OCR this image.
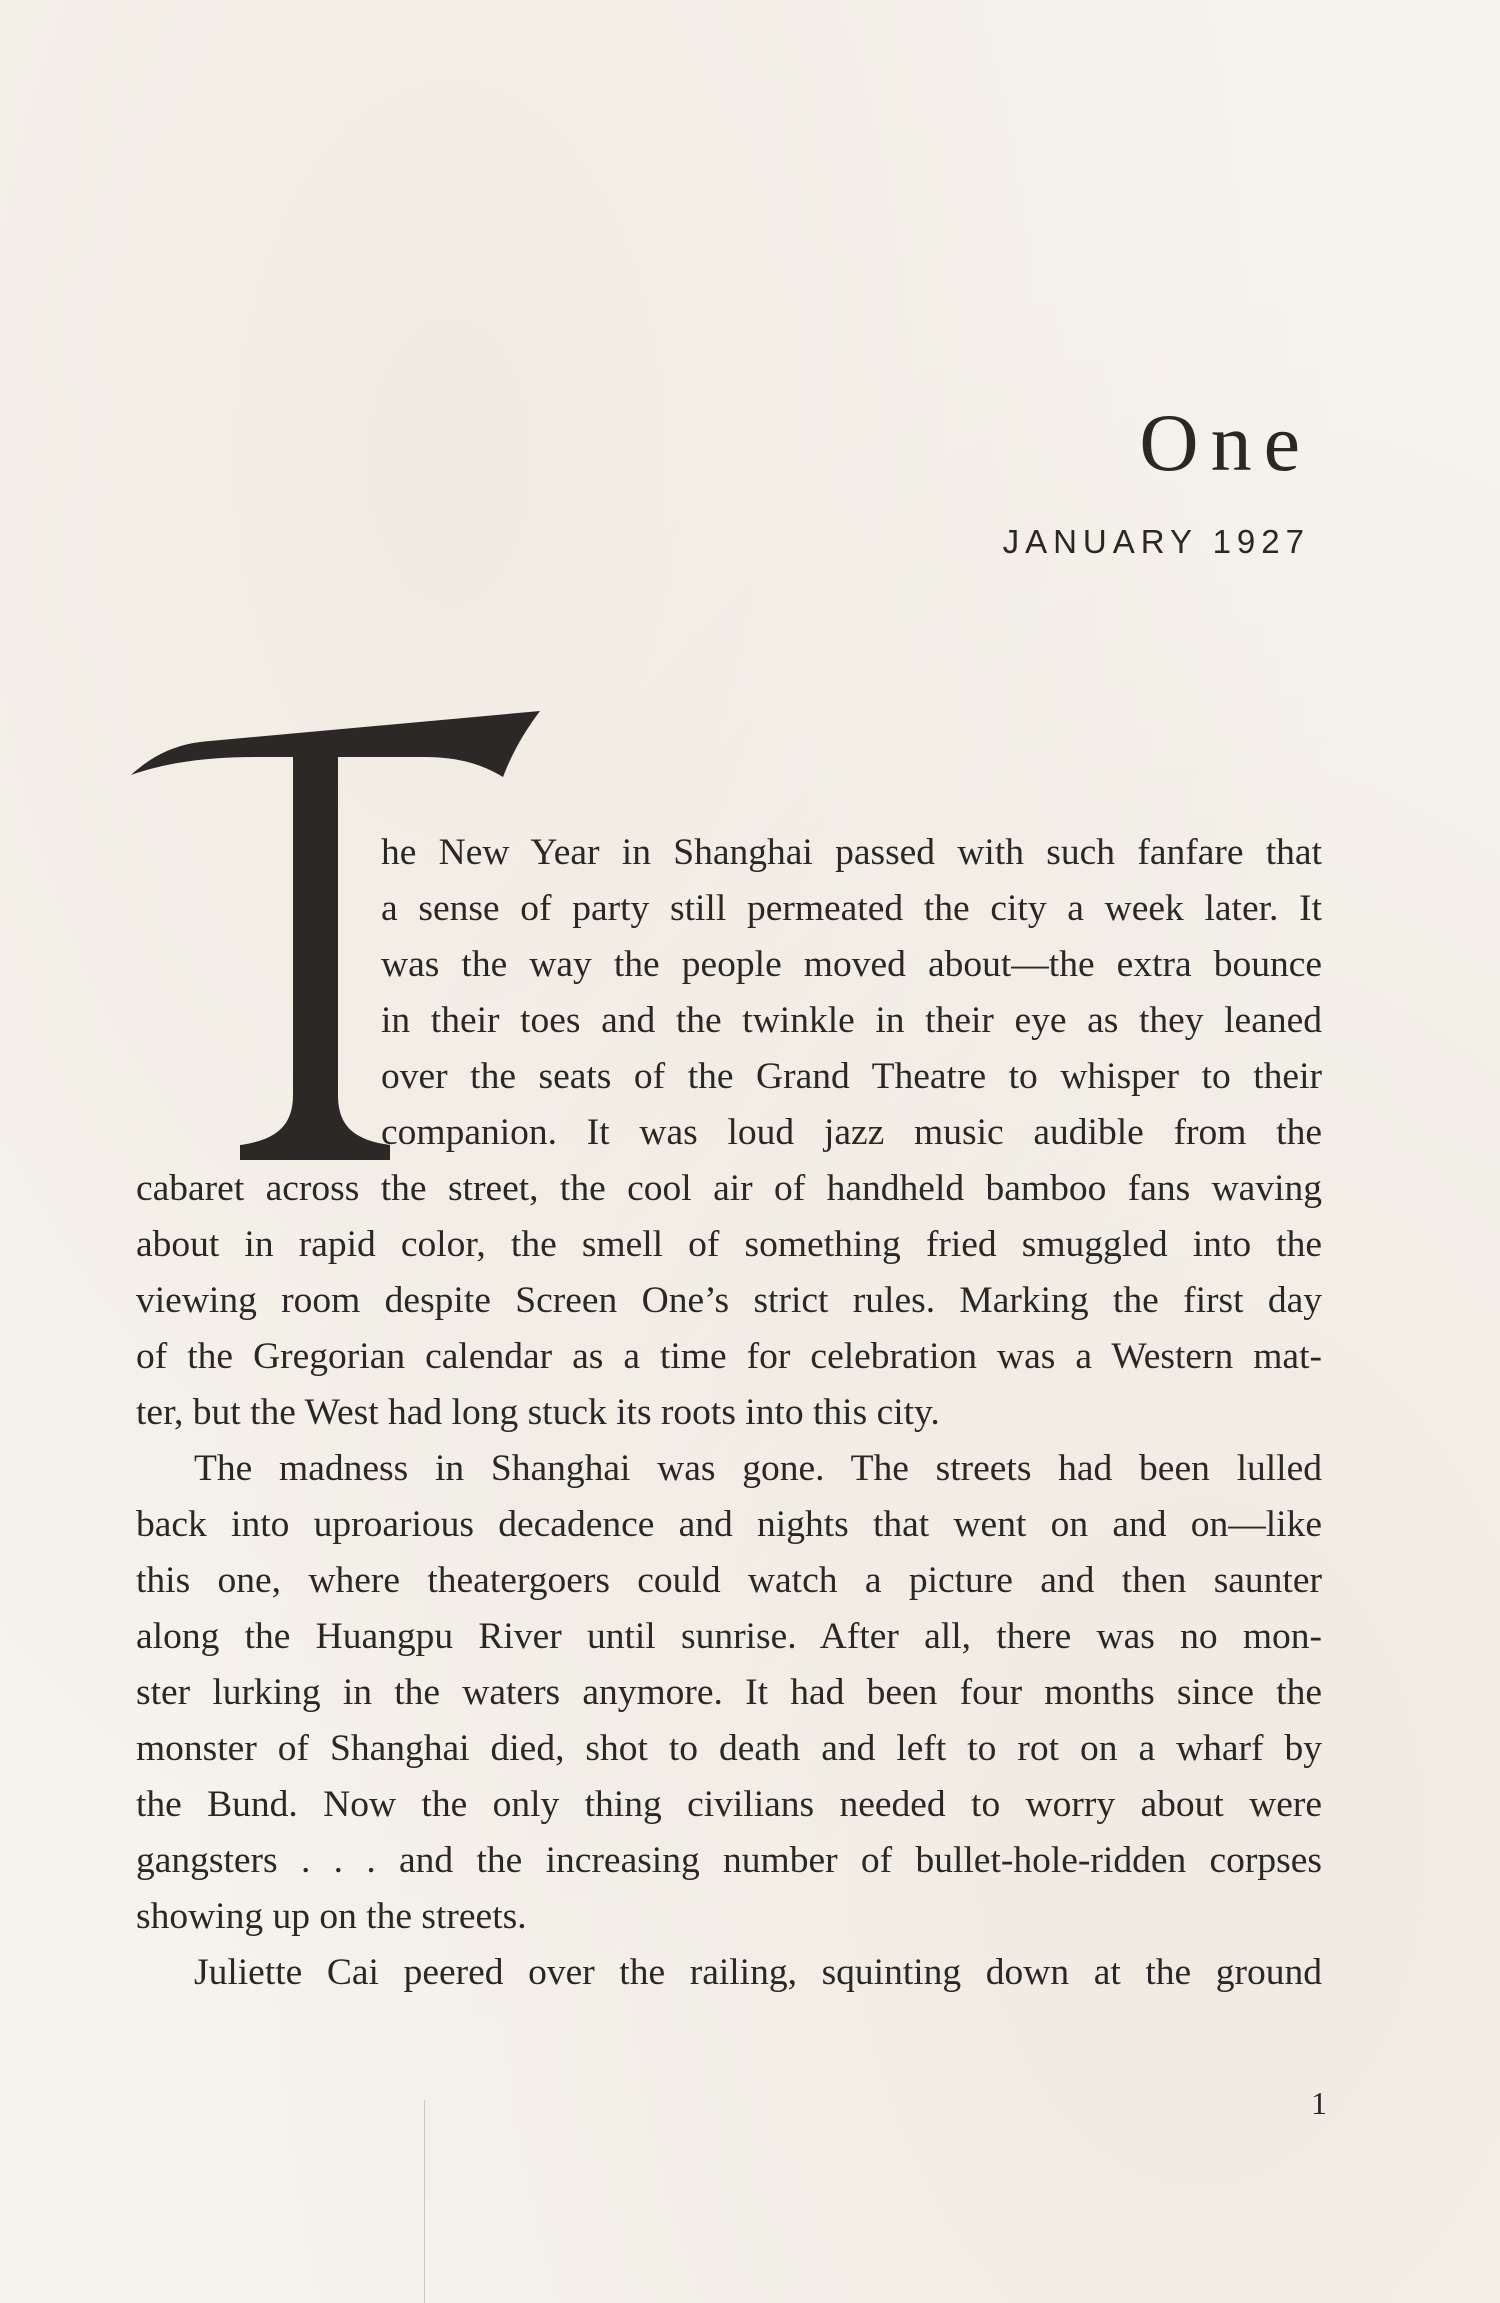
One
JANUARY 1927
he New Year in Shanghai passed with such fanfare that
a sense of party still permeated the city a week later. It
was the way the people moved about—the extra bounce
in their toes and the twinkle in their eye as they leaned
over the seats of the Grand Theatre to whisper to their
companion. It was loud jazz music audible from the
cabaret across the street, the cool air of handheld bamboo fans waving
about in rapid color, the smell of something fried smuggled into the
viewing room despite Screen One’s strict rules. Marking the first day
of the Gregorian calendar as a time for celebration was a Western mat-
ter, but the West had long stuck its roots into this city.
The madness in Shanghai was gone. The streets had been lulled
back into uproarious decadence and nights that went on and on—like
this one, where theatergoers could watch a picture and then saunter
along the Huangpu River until sunrise. After all, there was no mon-
ster lurking in the waters anymore. It had been four months since the
monster of Shanghai died, shot to death and left to rot on a wharf by
the Bund. Now the only thing civilians needed to worry about were
gangsters . . . and the increasing number of bullet-hole-ridden corpses
showing up on the streets.
Juliette Cai peered over the railing, squinting down at the ground
1
